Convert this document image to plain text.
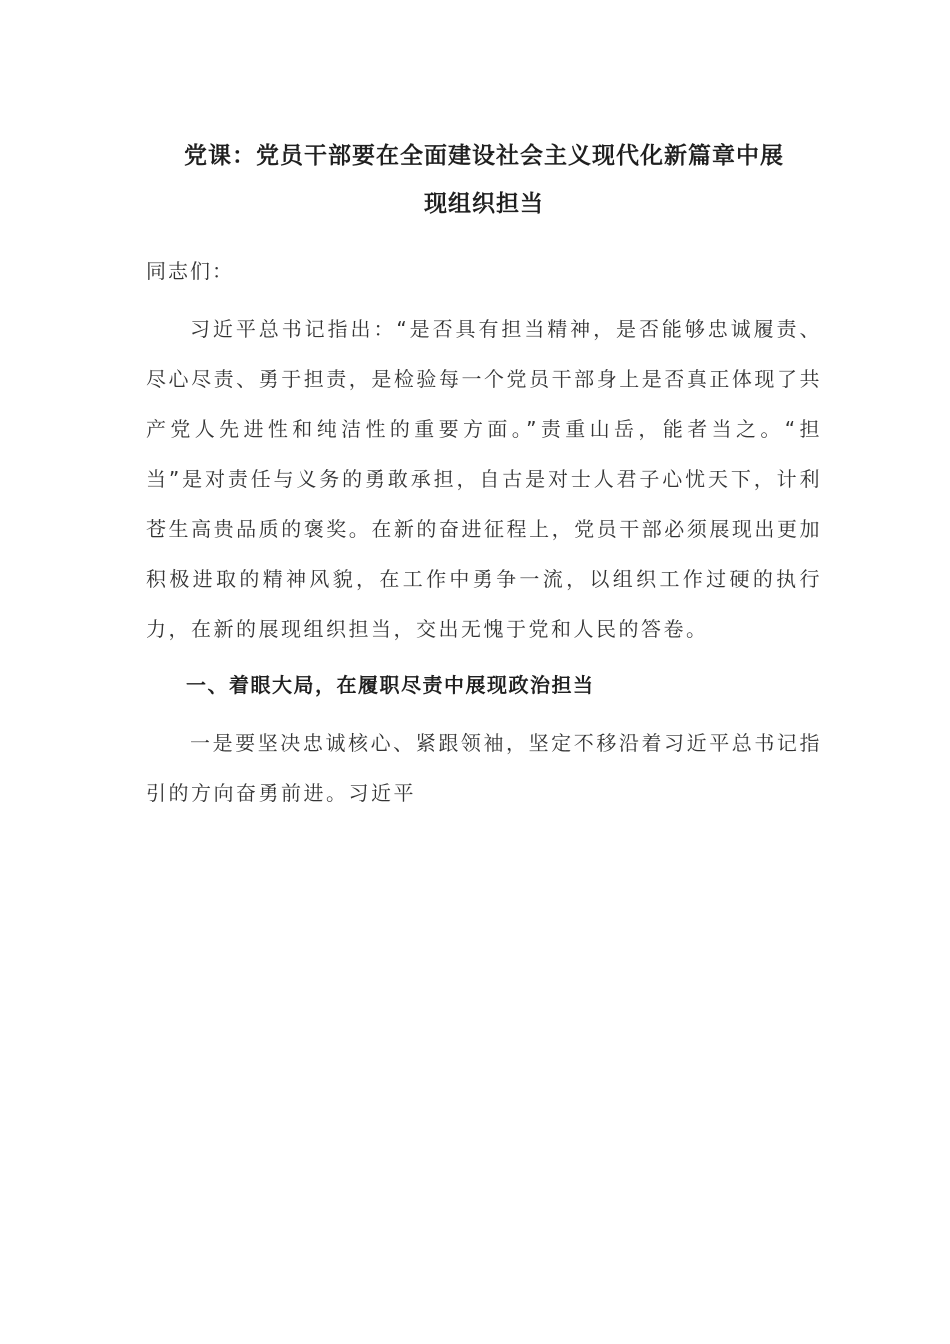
党课：党员干部要在全面建设社会主义现代化新篇章中展
现组织担当

同志们：

习近平总书记指出：“是否具有担当精神，是否能够忠诚履责、尽心尽责、勇于担责，是检验每一个党员干部身上是否真正体现了共产党人先进性和纯洁性的重要方面。”责重山岳，能者当之。“担当”是对责任与义务的勇敢承担，自古是对士人君子心忧天下，计利苍生高贵品质的褒奖。在新的奋进征程上，党员干部必须展现出更加积极进取的精神风貌，在工作中勇争一流，以组织工作过硬的执行力，在新的展现组织担当，交出无愧于党和人民的答卷。

一、着眼大局，在履职尽责中展现政治担当

一是要坚决忠诚核心、紧跟领袖，坚定不移沿着习近平总书记指引的方向奋勇前进。习近平
